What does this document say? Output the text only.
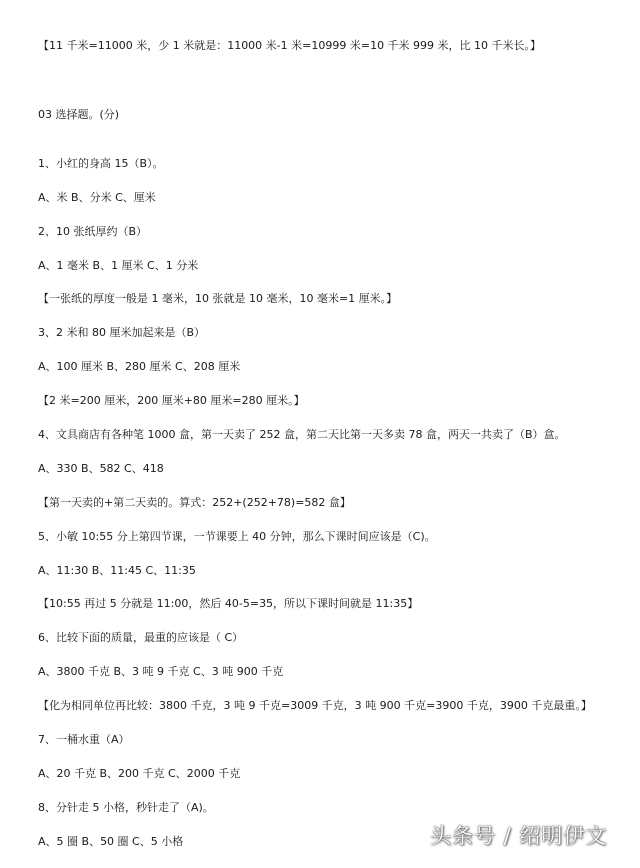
【11 千米=11000 米，少 1 米就是：11000 米-1 米=10999 米=10 千米 999 米，比 10 千米长。】
03 选择题。(分)
1、小红的身高 15（B）。
A、米 B、分米 C、厘米
2、10 张纸厚约（B）
A、1 毫米 B、1 厘米 C、1 分米
【一张纸的厚度一般是 1 毫米，10 张就是 10 毫米，10 毫米=1 厘米。】
3、2 米和 80 厘米加起来是（B）
A、100 厘米 B、280 厘米 C、208 厘米
【2 米=200 厘米，200 厘米+80 厘米=280 厘米。】
4、文具商店有各种笔 1000 盒，第一天卖了 252 盒，第二天比第一天多卖 78 盒，两天一共卖了（B）盒。
A、330 B、582 C、418
【第一天卖的+第二天卖的。算式：252+(252+78)=582 盒】
5、小敏 10:55 分上第四节课，一节课要上 40 分钟，那么下课时间应该是（C)。
A、11:30 B、11:45 C、11:35
【10:55 再过 5 分就是 11:00，然后 40-5=35，所以下课时间就是 11:35】
6、比较下面的质量，最重的应该是（ C）
A、3800 千克 B、3 吨 9 千克 C、3 吨 900 千克
【化为相同单位再比较：3800 千克，3 吨 9 千克=3009 千克，3 吨 900 千克=3900 千克，3900 千克最重。】
7、一桶水重（A）
A、20 千克 B、200 千克 C、2000 千克
8、分针走 5 小格，秒针走了（A)。
A、5 圈 B、50 圈 C、5 小格	头条号 / 绍明伊文
